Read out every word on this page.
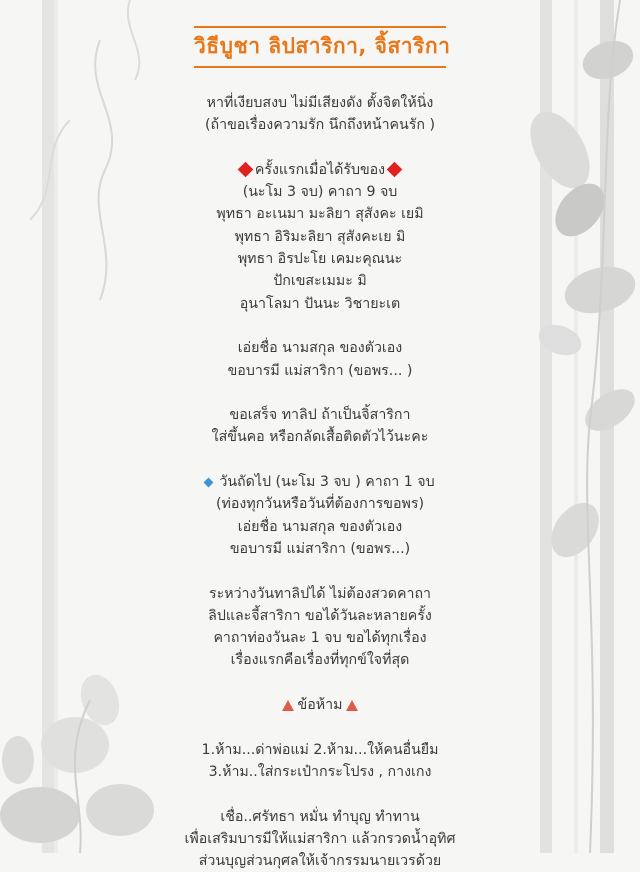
วิธีบูชา ลิปสาริกา, จิ้สาริกา
หาที่เงียบสงบ ไม่มีเสียงดัง ตั้งจิตให้นิ่ง
(ถ้าขอเรื่องความรัก นึกถึงหน้าคนรัก )
ครั้งแรกเมื่อได้รับของ
(นะโม 3 จบ) คาถา 9 จบ
พุทธา อะเนมา มะลิยา สุสังคะ เยมิ
พุทธา อิริมะลิยา สุสังคะเย มิ
พุทธา อิรปะโย เคมะคุณนะ
ปักเขสะเมมะ มิ
อุนาโลมา ปันนะ วิชายะเต
เอ่ยชื่อ นามสกุล ของตัวเอง
ขอบารมี แม่สาริกา (ขอพร... )
ขอเสร็จ ทาลิป ถ้าเป็นจิ้สาริกา
ใส่ขึ้นคอ หรือกลัดเสื้อติดตัวไว้นะคะ
วันถัดไป (นะโม 3 จบ ) คาถา 1 จบ
(ท่องทุกวันหรือวันที่ต้องการขอพร)
เอ่ยชื่อ นามสกุล ของตัวเอง
ขอบารมี แม่สาริกา (ขอพร...)
ระหว่างวันทาลิปได้ ไม่ต้องสวดคาถา
ลิปและจี้สาริกา ขอได้วันละหลายครั้ง
คาถาท่องวันละ 1 จบ ขอได้ทุกเรื่อง
เรื่องแรกคือเรื่องที่ทุกข์ใจที่สุด
ข้อห้าม
1.ห้าม...ด่าพ่อแม่ 2.ห้าม...ให้คนอื่นยืม
3.ห้าม..ใส่กระเป๋ากระโปรง , กางเกง
เชื่อ..ศรัทธา หมั่น ทำบุญ ทำทาน
เพื่อเสริมบารมีให้แม่สาริกา แล้วกรวดน้ำอุทิศ
ส่วนบุญส่วนกุศลให้เจ้ากรรมนายเวรด้วย
